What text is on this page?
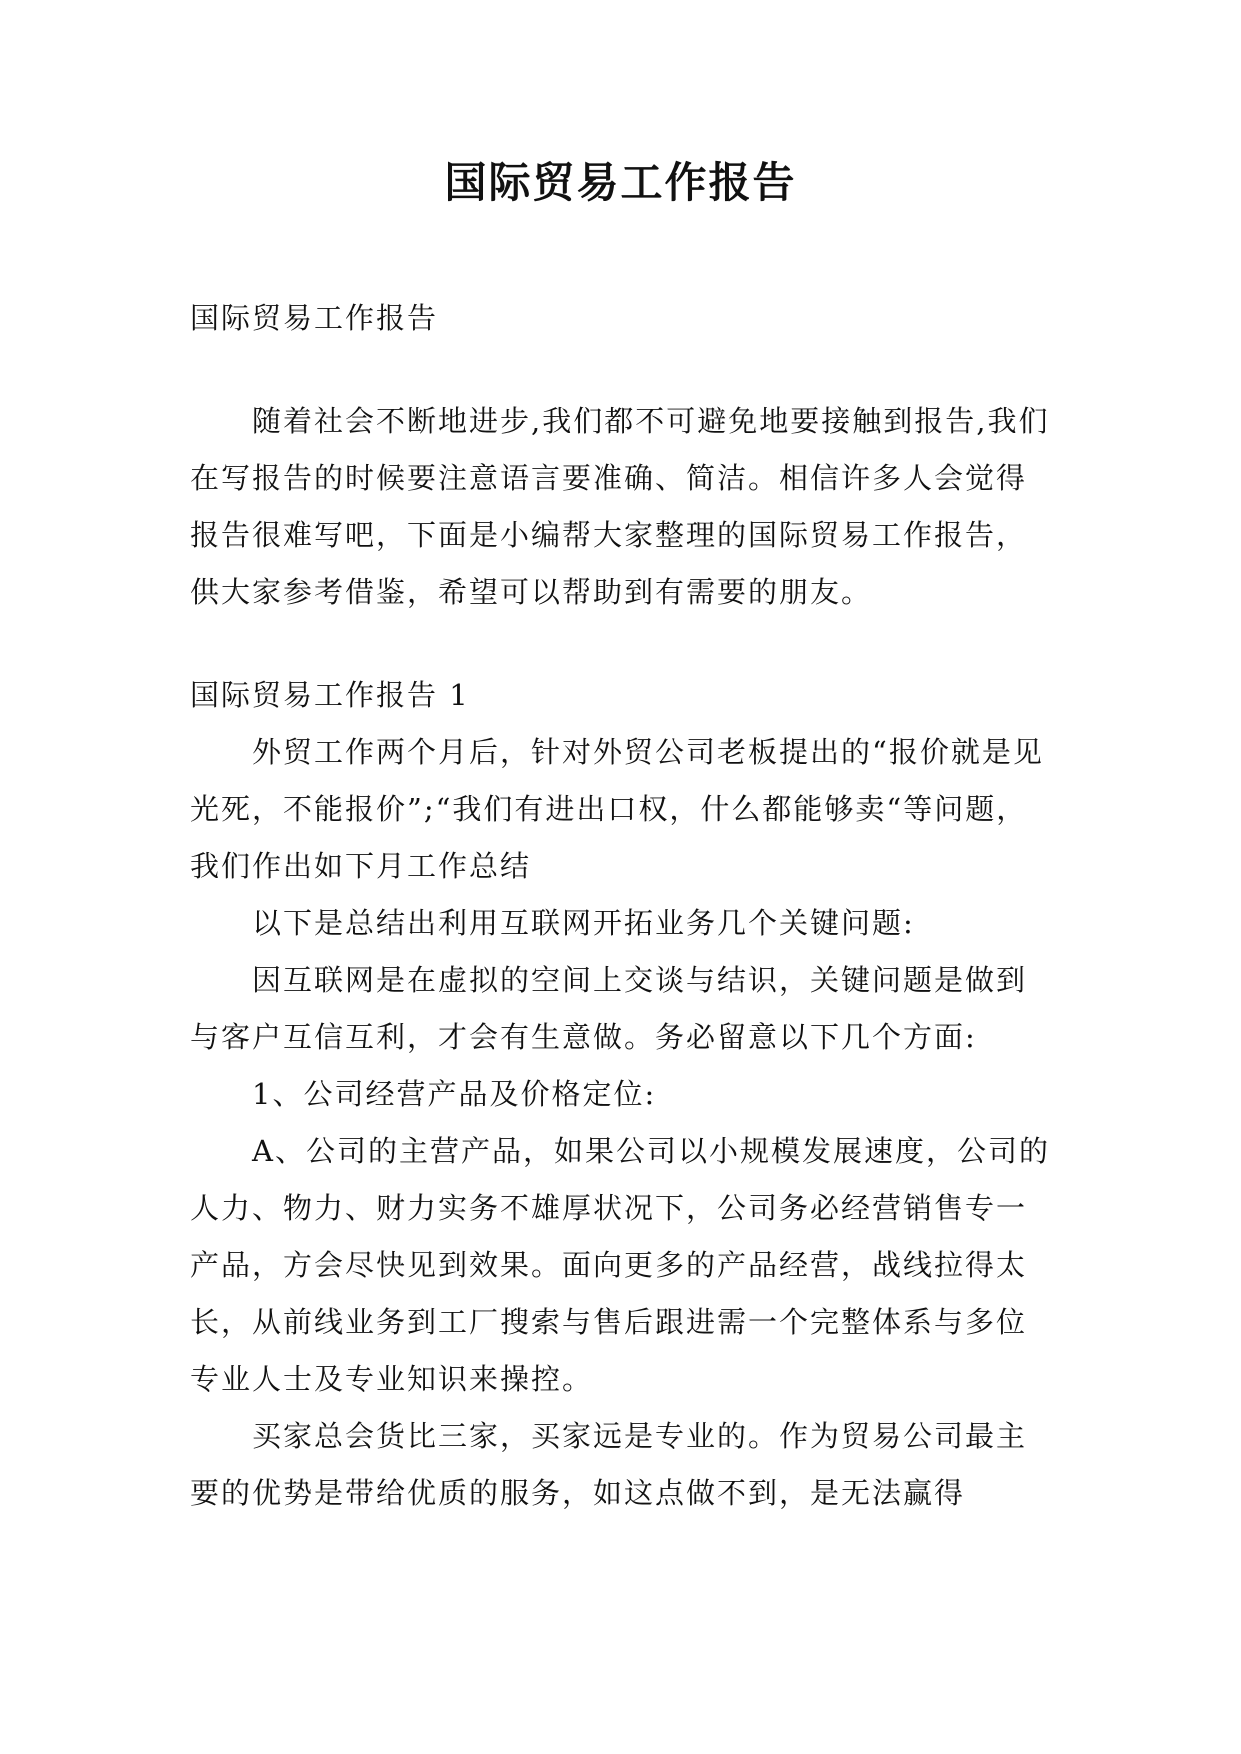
国际贸易工作报告

国际贸易工作报告

随着社会不断地进步,我们都不可避免地要接触到报告,我们在写报告的时候要注意语言要准确、简洁。相信许多人会觉得报告很难写吧，下面是小编帮大家整理的国际贸易工作报告，供大家参考借鉴，希望可以帮助到有需要的朋友。

国际贸易工作报告 1

外贸工作两个月后，针对外贸公司老板提出的“报价就是见光死，不能报价”;“我们有进出口权，什么都能够卖“等问题，我们作出如下月工作总结

以下是总结出利用互联网开拓业务几个关键问题:

因互联网是在虚拟的空间上交谈与结识，关键问题是做到与客户互信互利，才会有生意做。务必留意以下几个方面:

1、公司经营产品及价格定位:

A、公司的主营产品，如果公司以小规模发展速度，公司的人力、物力、财力实务不雄厚状况下，公司务必经营销售专一产品，方会尽快见到效果。面向更多的产品经营，战线拉得太长，从前线业务到工厂搜索与售后跟进需一个完整体系与多位专业人士及专业知识来操控。

买家总会货比三家，买家远是专业的。作为贸易公司最主要的优势是带给优质的服务，如这点做不到，是无法赢得
